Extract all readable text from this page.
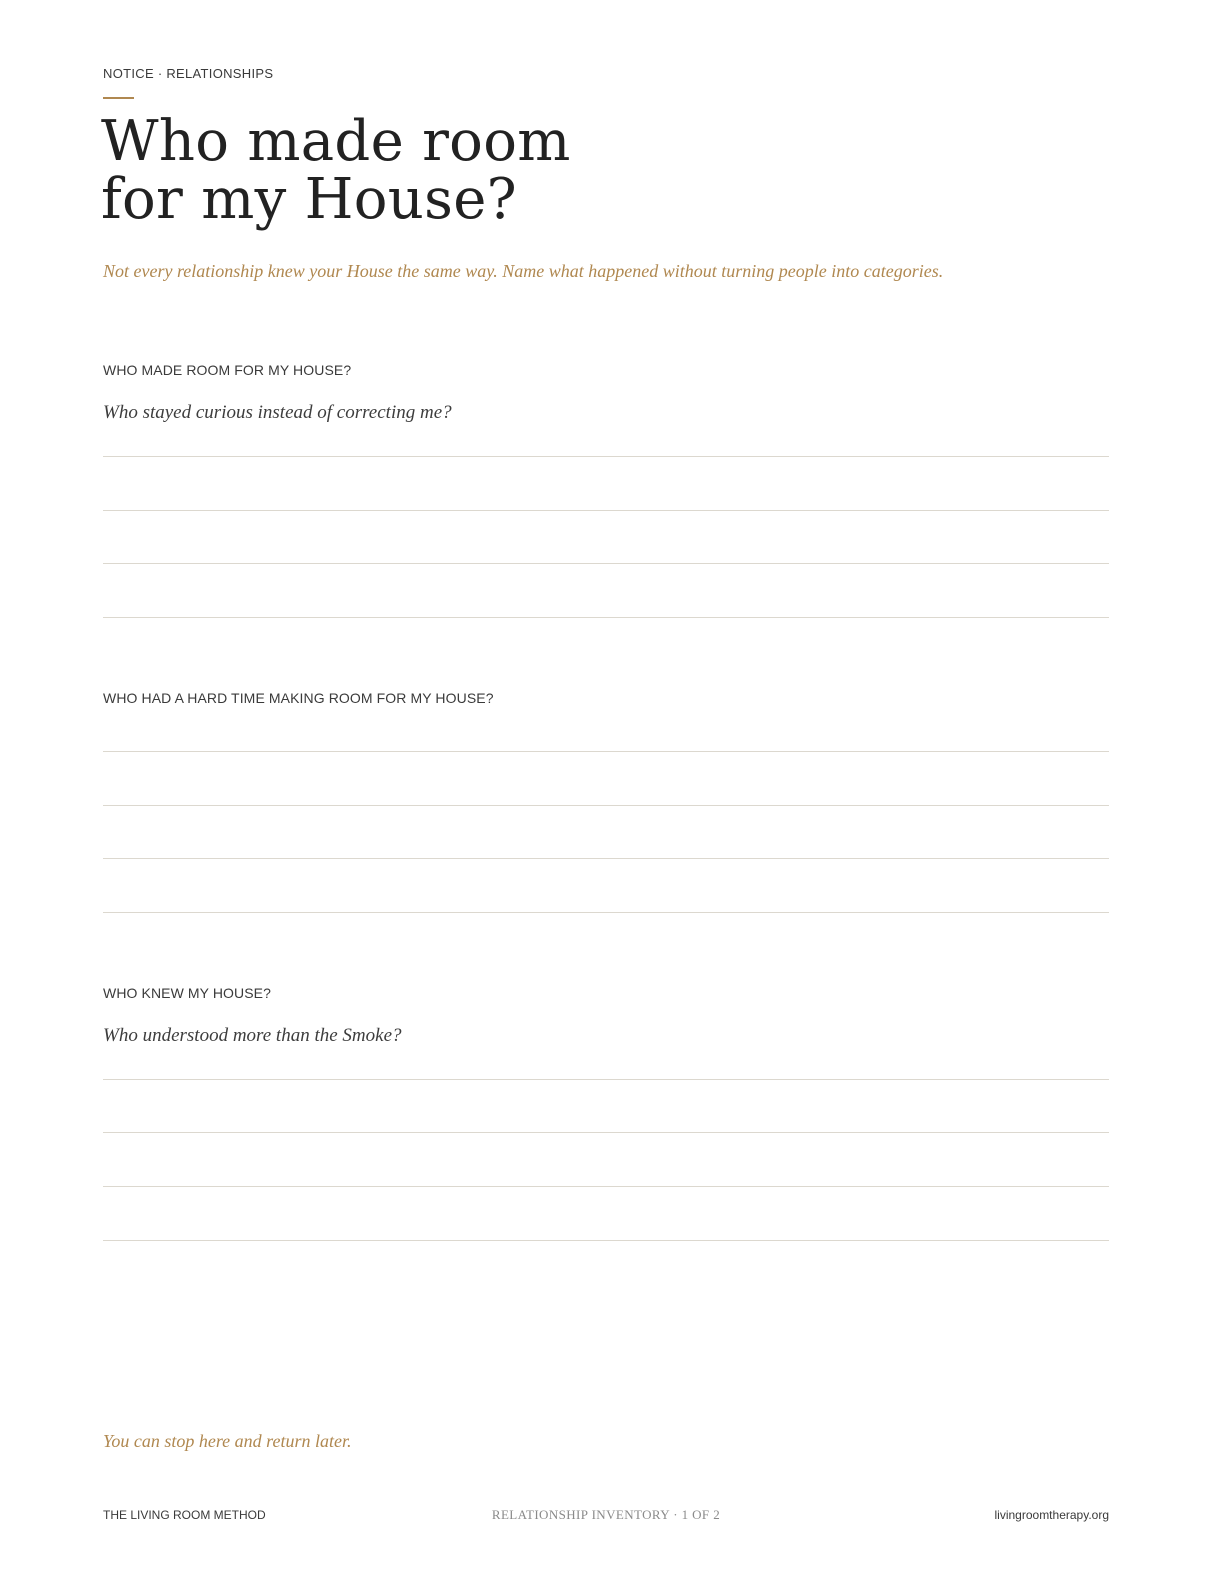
NOTICE · RELATIONSHIPS
Who made room
for my House?
Not every relationship knew your House the same way. Name what happened without turning people into categories.
WHO MADE ROOM FOR MY HOUSE?
Who stayed curious instead of correcting me?
WHO HAD A HARD TIME MAKING ROOM FOR MY HOUSE?
WHO KNEW MY HOUSE?
Who understood more than the Smoke?
You can stop here and return later.
THE LIVING ROOM METHOD	RELATIONSHIP INVENTORY · 1 OF 2	livingroomtherapy.org
